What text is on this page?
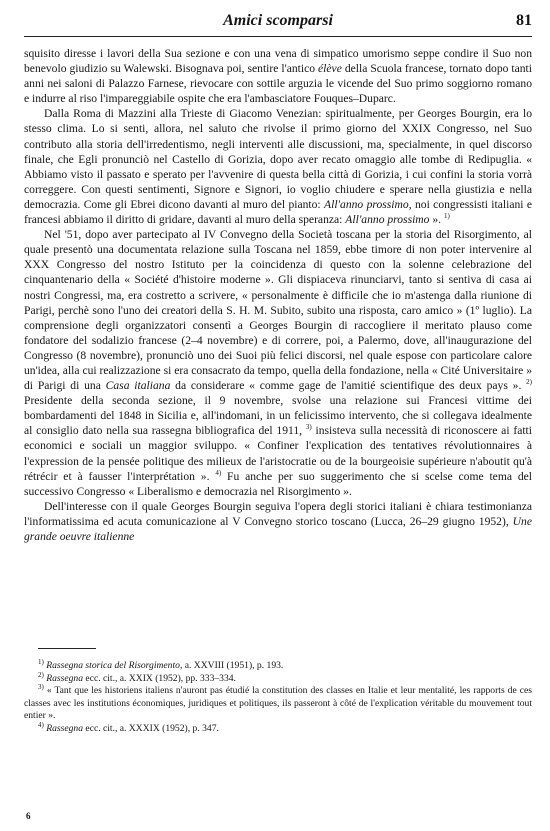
Amici scomparsi	81

squisito diresse i lavori della Sua sezione e con una vena di simpatico umorismo seppe condire il Suo non benevolo giudizio su Walewski. Bisognava poi, sentire l'antico élève della Scuola francese, tornato dopo tanti anni nei saloni di Palazzo Farnese, rievocare con sottile arguzia le vicende del Suo primo soggiorno romano e indurre al riso l'impareggiabile ospite che era l'ambasciatore Fouques–Duparc.

Dalla Roma di Mazzini alla Trieste di Giacomo Venezian: spiritualmente, per Georges Bourgin, era lo stesso clima. Lo si senti, allora, nel saluto che rivolse il primo giorno del XXIX Congresso, nel Suo contributo alla storia dell'irredentismo, negli interventi alle discussioni, ma, specialmente, in quel discorso finale, che Egli pronunciò nel Castello di Gorizia, dopo aver recato omaggio alle tombe di Redipuglia. « Abbiamo visto il passato e sperato per l'avvenire di questa bella città di Gorizia, i cui confini la storia vorrà correggere. Con questi sentimenti, Signore e Signori, io voglio chiudere e sperare nella giustizia e nella democrazia. Come gli Ebrei dicono davanti al muro del pianto: All'anno prossimo, noi congressisti italiani e francesi abbiamo il diritto di gridare, davanti al muro della speranza: All'anno prossimo ». $^{1)}$

Nel '51, dopo aver partecipato al IV Convegno della Società toscana per la storia del Risorgimento, al quale presentò una documentata relazione sulla Toscana nel 1859, ebbe timore di non poter intervenire al XXX Congresso del nostro Istituto per la coincidenza di questo con la solenne celebrazione del cinquantenario della « Société d'histoire moderne ». Gli dispiaceva rinunciarvi, tanto si sentiva di casa ai nostri Congressi, ma, era costretto a scrivere, « personalmente è difficile che io m'astenga dalla riunione di Parigi, perchè sono l'uno dei creatori della S. H. M. Subito, subito una risposta, caro amico » (1º luglio). La comprensione degli organizzatori consentì a Georges Bourgin di raccogliere il meritato plauso come fondatore del sodalizio francese (2–4 novembre) e di correre, poi, a Palermo, dove, all'inaugurazione del Congresso (8 novembre), pronunciò uno dei Suoi più felici discorsi, nel quale espose con particolare calore un'idea, alla cui realizzazione si era consacrato da tempo, quella della fondazione, nella « Cité Universitaire » di Parigi di una Casa italiana da considerare « comme gage de l'amitié scientifique des deux pays ». $^{2)}$ Presidente della seconda sezione, il 9 novembre, svolse una relazione sui Francesi vittime dei bombardamenti del 1848 in Sicilia e, all'indomani, in un felicissimo intervento, che si collegava idealmente al consiglio dato nella sua rassegna bibliografica del 1911, $^{3)}$ insisteva sulla necessità di riconoscere ai fatti economici e sociali un maggior sviluppo. « Confiner l'explication des tentatives révolutionnaires à l'expression de la pensée politique des milieux de l'aristocratie ou de la bourgeoisie supérieure n'aboutit qu'à rétrécir et à fausser l'interprétation ». $^{4)}$ Fu anche per suo suggerimento che si scelse come tema del successivo Congresso « Liberalismo e democrazia nel Risorgimento ».

Dell'interesse con il quale Georges Bourgin seguiva l'opera degli storici italiani è chiara testimonianza l'informatissima ed acuta comunicazione al V Convegno storico toscano (Lucca, 26–29 giugno 1952), Une grande oeuvre italienne

$^{1)}$ Rassegna storica del Risorgimento, a. XXVIII (1951), p. 193.

$^{2)}$ Rassegna ecc. cit., a. XXIX (1952), pp. 333–334.

$^{3)}$ « Tant que les historiens italiens n'auront pas étudié la constitution des classes en Italie et leur mentalité, les rapports de ces classes avec les institutions économiques, juridiques et politiques, ils passeront à côté de l'explication véritable du mouvement tout entier ».

$^{4)}$ Rassegna ecc. cit., a. XXXIX (1952), p. 347.

6
